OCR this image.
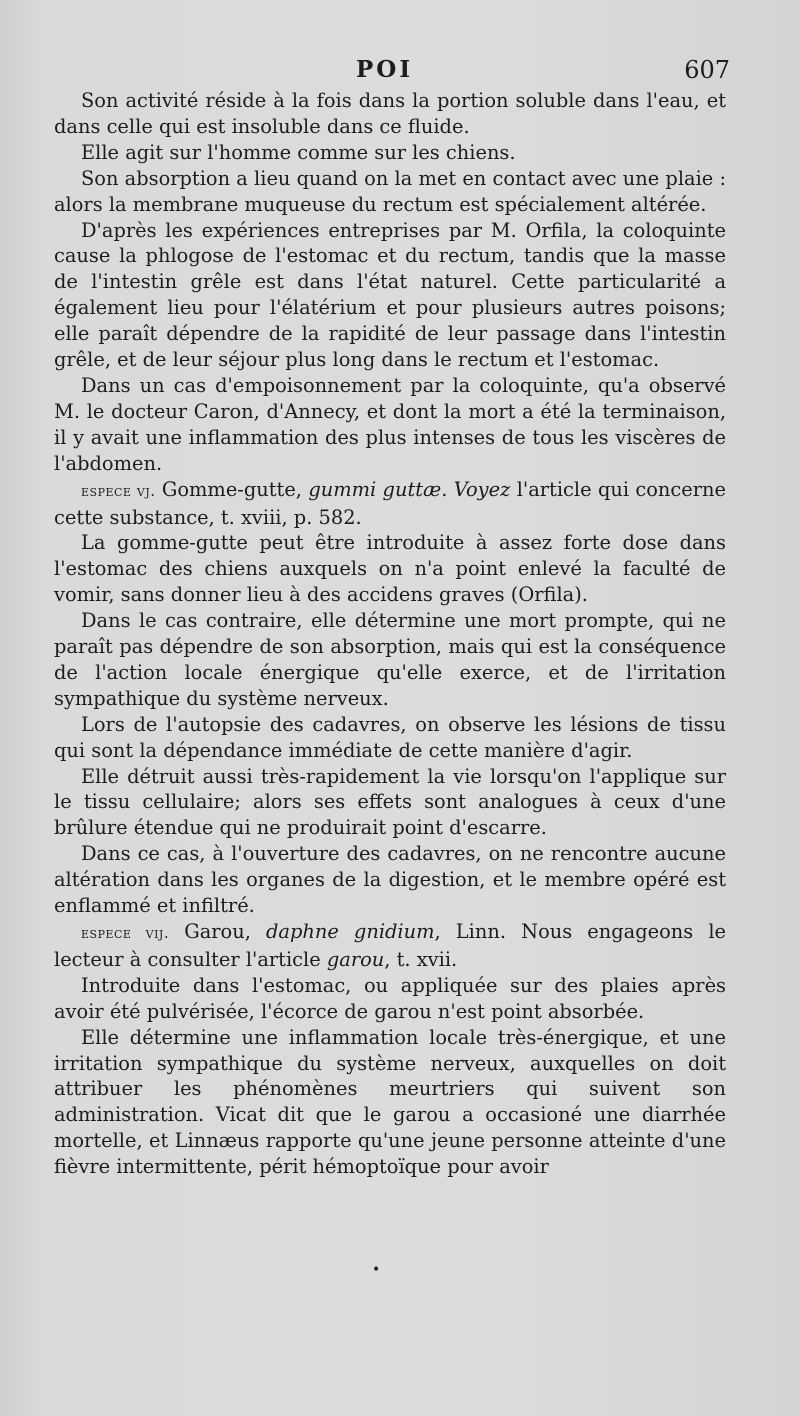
POI	607

Son activité réside à la fois dans la portion soluble dans l'eau, et dans celle qui est insoluble dans ce fluide.

Elle agit sur l'homme comme sur les chiens.

Son absorption a lieu quand on la met en contact avec une plaie : alors la membrane muqueuse du rectum est spécialement altérée.

D'après les expériences entreprises par M. Orfila, la coloquinte cause la phlogose de l'estomac et du rectum, tandis que la masse de l'intestin grêle est dans l'état naturel. Cette particularité a également lieu pour l'élatérium et pour plusieurs autres poisons; elle paraît dépendre de la rapidité de leur passage dans l'intestin grêle, et de leur séjour plus long dans le rectum et l'estomac.

Dans un cas d'empoisonnement par la coloquinte, qu'a observé M. le docteur Caron, d'Annecy, et dont la mort a été la terminaison, il y avait une inflammation des plus intenses de tous les viscères de l'abdomen.

espece vj. Gomme-gutte, gummi guttæ. Voyez l'article qui concerne cette substance, t. xviii, p. 582.

La gomme-gutte peut être introduite à assez forte dose dans l'estomac des chiens auxquels on n'a point enlevé la faculté de vomir, sans donner lieu à des accidens graves (Orfila).

Dans le cas contraire, elle détermine une mort prompte, qui ne paraît pas dépendre de son absorption, mais qui est la conséquence de l'action locale énergique qu'elle exerce, et de l'irritation sympathique du système nerveux.

Lors de l'autopsie des cadavres, on observe les lésions de tissu qui sont la dépendance immédiate de cette manière d'agir.

Elle détruit aussi très-rapidement la vie lorsqu'on l'applique sur le tissu cellulaire; alors ses effets sont analogues à ceux d'une brûlure étendue qui ne produirait point d'escarre.

Dans ce cas, à l'ouverture des cadavres, on ne rencontre aucune altération dans les organes de la digestion, et le membre opéré est enflammé et infiltré.

espece vij. Garou, daphne gnidium, Linn. Nous engageons le lecteur à consulter l'article garou, t. xvii.

Introduite dans l'estomac, ou appliquée sur des plaies après avoir été pulvérisée, l'écorce de garou n'est point absorbée.

Elle détermine une inflammation locale très-énergique, et une irritation sympathique du système nerveux, auxquelles on doit attribuer les phénomènes meurtriers qui suivent son administration. Vicat dit que le garou a occasioné une diarrhée mortelle, et Linnæus rapporte qu'une jeune personne atteinte d'une fièvre intermittente, périt hémoptoïque pour avoir

•
